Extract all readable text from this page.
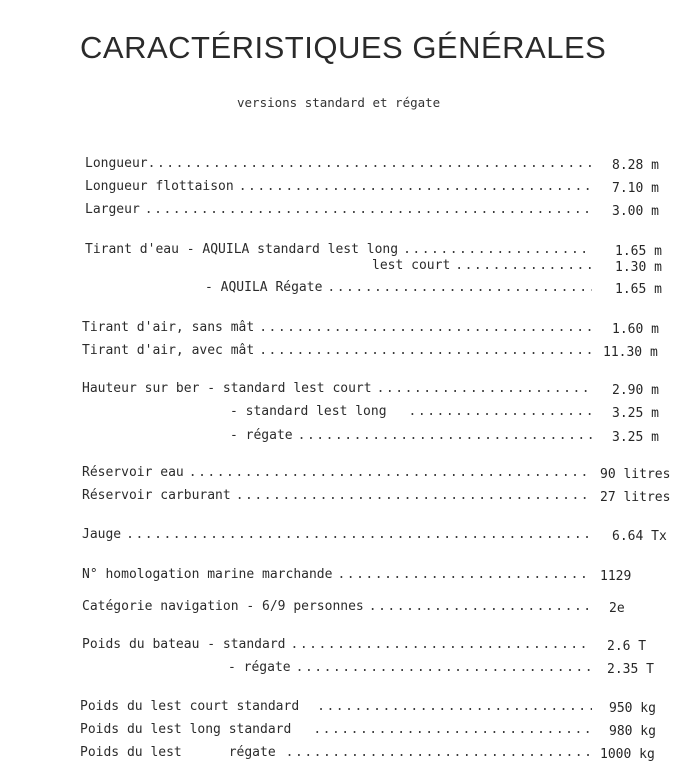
CARACTÉRISTIQUES GÉNÉRALES
versions standard et régate
Longueur .....	8.28 m
Longueur flottaison .....	7.10 m
Largeur .....	3.00 m
Tirant d'eau - AQUILA standard lest long .....	1.65 m
lest court .....	1.30 m
- AQUILA Régate .....	1.65 m
Tirant d'air, sans mât .....	1.60 m
Tirant d'air, avec mât .....	11.30 m
Hauteur sur ber - standard lest court .....	2.90 m
- standard lest long .....	3.25 m
- régate .....	3.25 m
Réservoir eau .....	90 litres
Réservoir carburant .....	27 litres
Jauge .....	6.64 Tx
N° homologation marine marchande .....	1129
Catégorie navigation - 6/9 personnes .....	2e
Poids du bateau - standard .....	2.6 T
- régate .....	2.35 T
Poids du lest court standard .....	950 kg
Poids du lest long standard .....	980 kg
Poids du lest      régate .....	1000 kg
